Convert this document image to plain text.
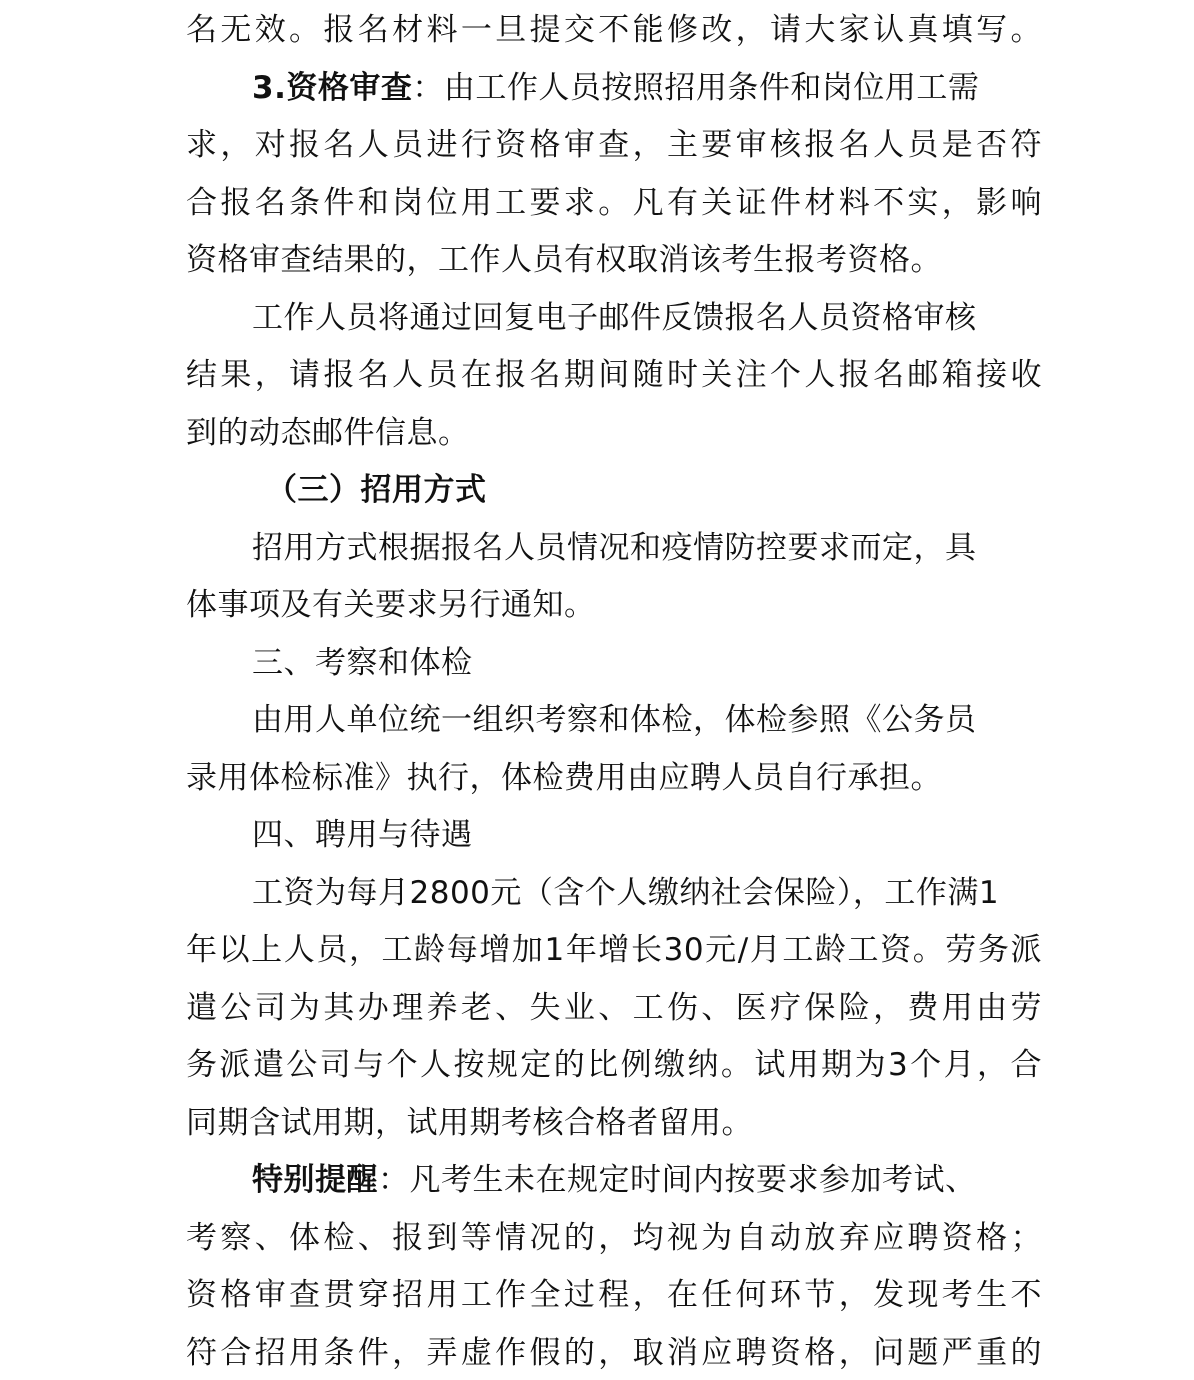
名无效。报名材料一旦提交不能修改，请大家认真填写。
3.资格审查：由工作人员按照招用条件和岗位用工需
求，对报名人员进行资格审查，主要审核报名人员是否符
合报名条件和岗位用工要求。凡有关证件材料不实，影响
资格审查结果的，工作人员有权取消该考生报考资格。
工作人员将通过回复电子邮件反馈报名人员资格审核
结果，请报名人员在报名期间随时关注个人报名邮箱接收
到的动态邮件信息。
（三）招用方式
招用方式根据报名人员情况和疫情防控要求而定，具
体事项及有关要求另行通知。
三、考察和体检
由用人单位统一组织考察和体检，体检参照《公务员
录用体检标准》执行，体检费用由应聘人员自行承担。
四、聘用与待遇
工资为每月2800元（含个人缴纳社会保险），工作满1
年以上人员，工龄每增加1年增长30元/月工龄工资。劳务派
遣公司为其办理养老、失业、工伤、医疗保险，费用由劳
务派遣公司与个人按规定的比例缴纳。试用期为3个月，合
同期含试用期，试用期考核合格者留用。
特别提醒：凡考生未在规定时间内按要求参加考试、
考察、体检、报到等情况的，均视为自动放弃应聘资格；
资格审查贯穿招用工作全过程，在任何环节，发现考生不
符合招用条件，弄虚作假的，取消应聘资格，问题严重的
